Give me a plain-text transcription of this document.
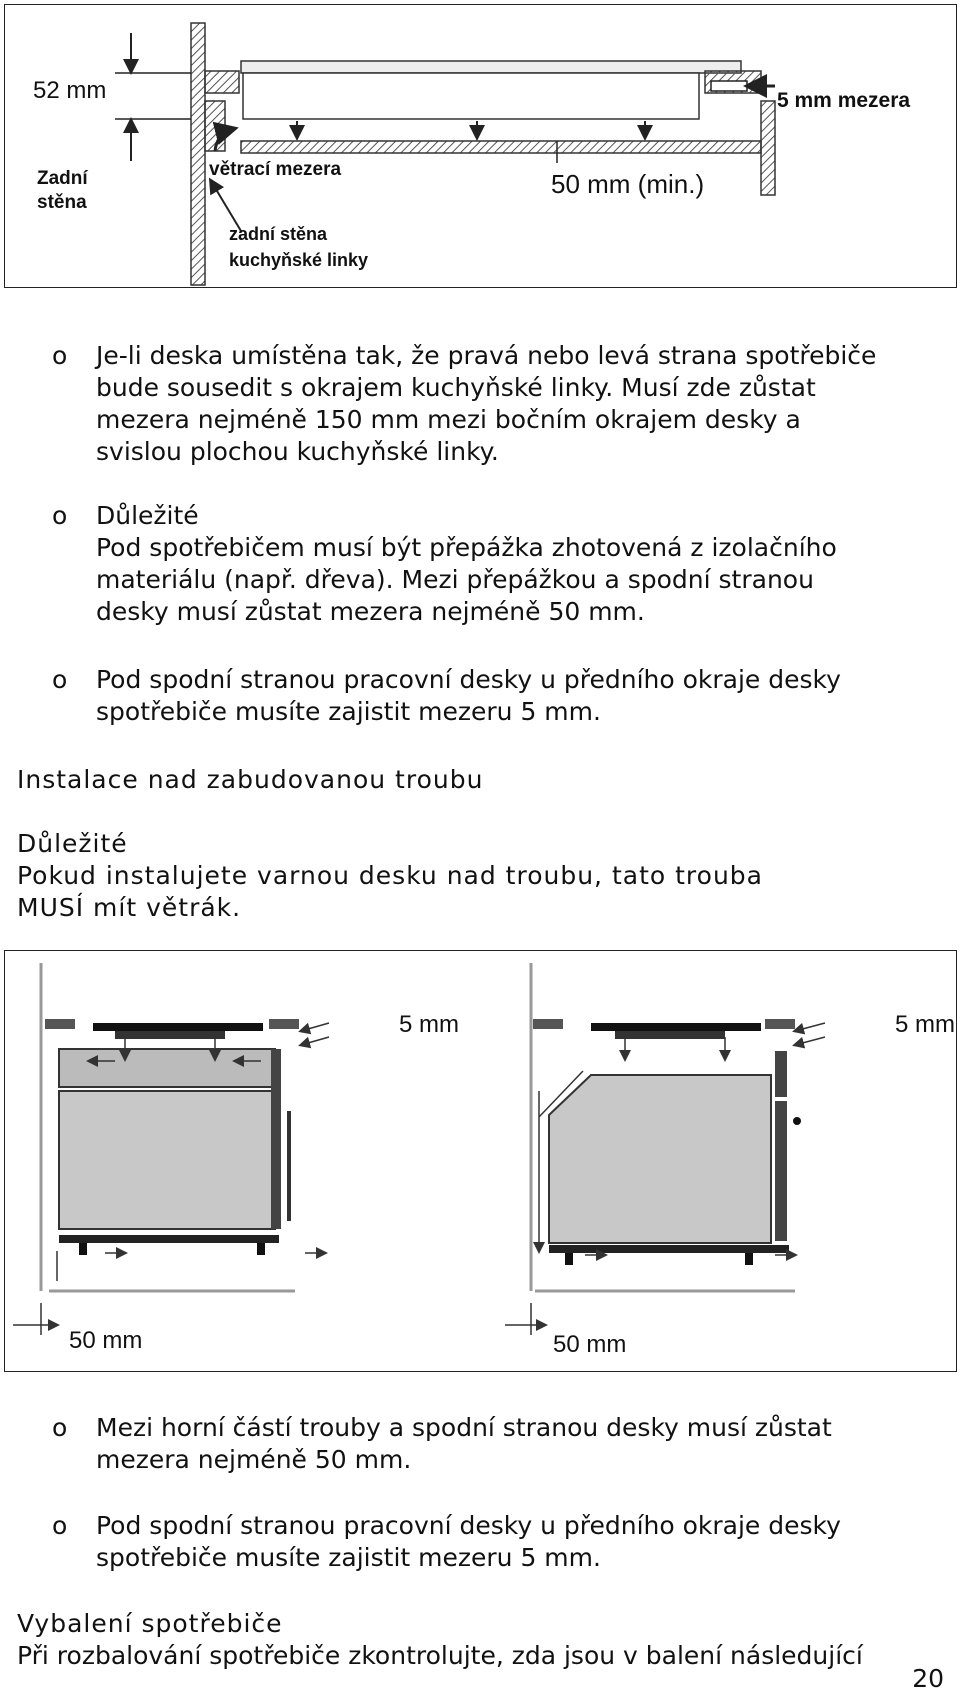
52 mm	5 mm mezera
Zadní
stěna
větrací mezera	50 mm (min.)
zadní stěna
kuchyňské linky
o Je-li deska umístěna tak, že pravá nebo levá strana spotřebiče
bude sousedit s okrajem kuchyňské linky. Musí zde zůstat
mezera nejméně 150 mm mezi bočním okrajem desky a
svislou plochou kuchyňské linky.
o Důležité
Pod spotřebičem musí být přepážka zhotovená z izolačního
materiálu (např. dřeva). Mezi přepážkou a spodní stranou
desky musí zůstat mezera nejméně 50 mm.
o Pod spodní stranou pracovní desky u předního okraje desky
spotřebiče musíte zajistit mezeru 5 mm.
Instalace nad zabudovanou troubu
Důležité
Pokud instalujete varnou desku nad troubu, tato trouba
MUSÍ mít větrák.
5 mm	5 mm
50 mm	50 mm
o Mezi horní částí trouby a spodní stranou desky musí zůstat
mezera nejméně 50 mm.
o Pod spodní stranou pracovní desky u předního okraje desky
spotřebiče musíte zajistit mezeru 5 mm.
Vybalení spotřebiče
Při rozbalování spotřebiče zkontrolujte, zda jsou v balení následující
20
